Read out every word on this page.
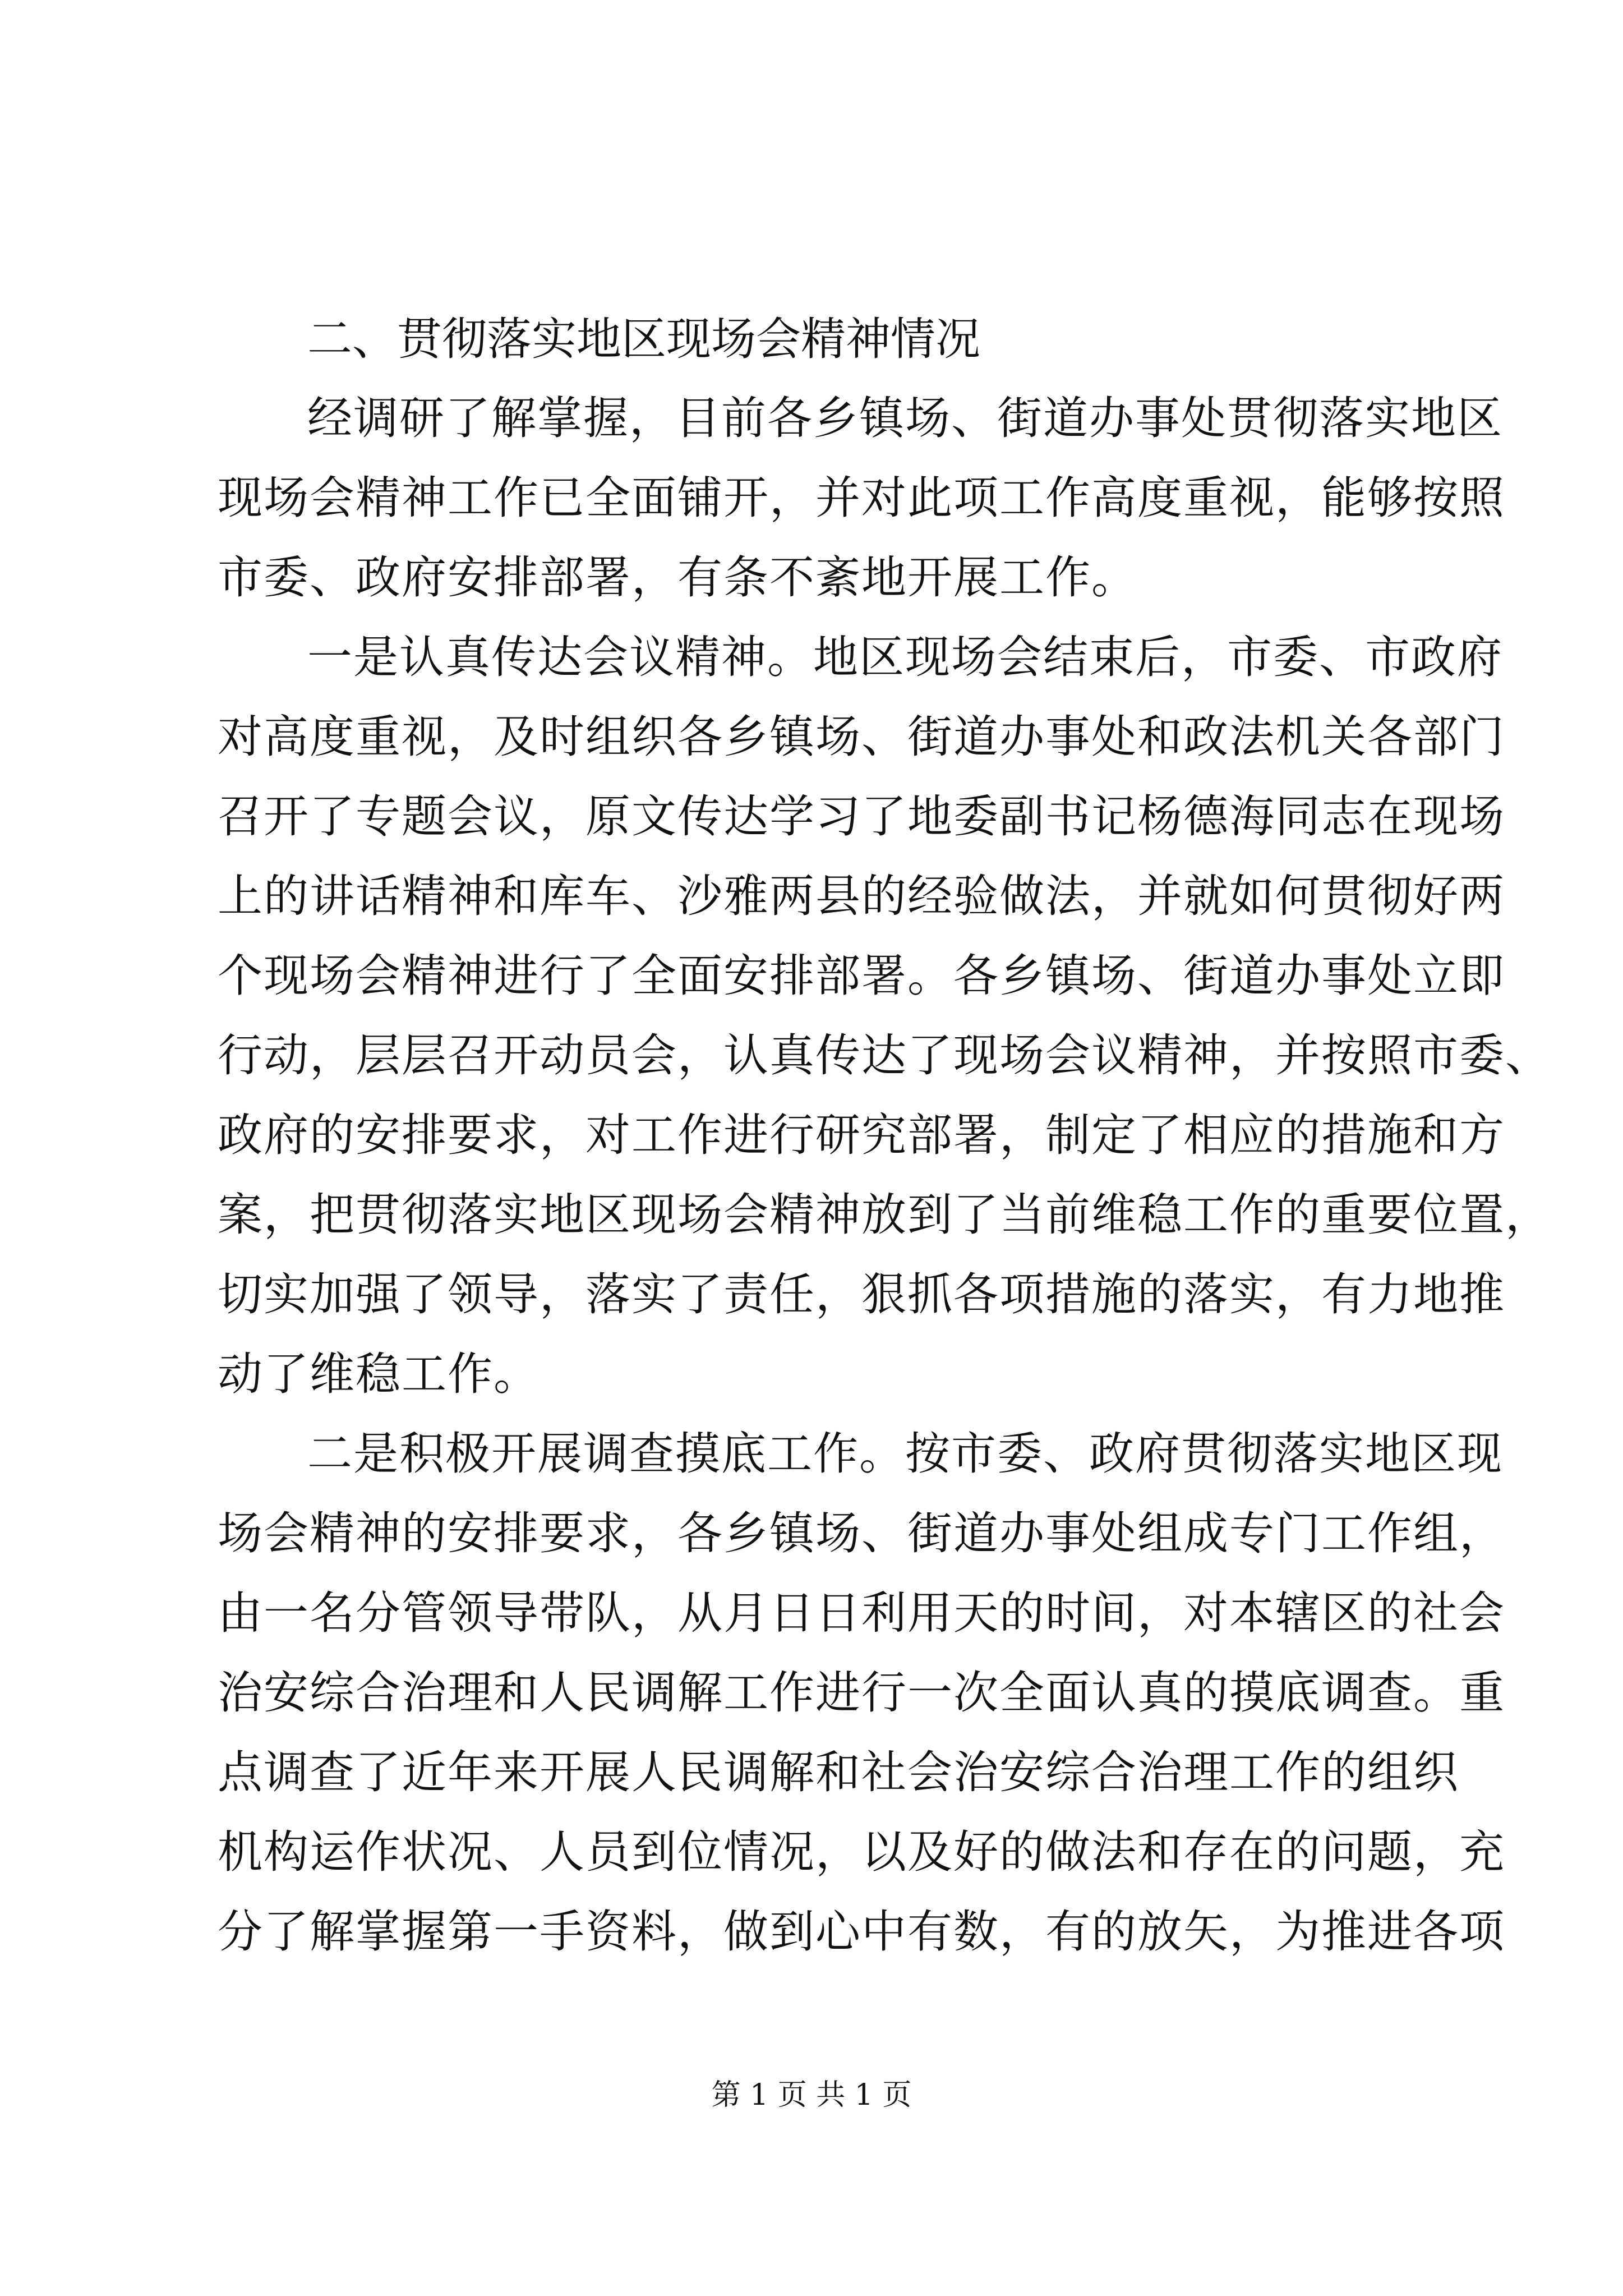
二、贯彻落实地区现场会精神情况
经调研了解掌握，目前各乡镇场、街道办事处贯彻落实地区
现场会精神工作已全面铺开，并对此项工作高度重视，能够按照
市委、政府安排部署，有条不紊地开展工作。
一是认真传达会议精神。地区现场会结束后，市委、市政府
对高度重视，及时组织各乡镇场、街道办事处和政法机关各部门
召开了专题会议，原文传达学习了地委副书记杨德海同志在现场
上的讲话精神和库车、沙雅两县的经验做法，并就如何贯彻好两
个现场会精神进行了全面安排部署。各乡镇场、街道办事处立即
行动，层层召开动员会，认真传达了现场会议精神，并按照市委、
政府的安排要求，对工作进行研究部署，制定了相应的措施和方
案，把贯彻落实地区现场会精神放到了当前维稳工作的重要位置，
切实加强了领导，落实了责任，狠抓各项措施的落实，有力地推
动了维稳工作。
二是积极开展调查摸底工作。按市委、政府贯彻落实地区现
场会精神的安排要求，各乡镇场、街道办事处组成专门工作组，
由一名分管领导带队，从月日日利用天的时间，对本辖区的社会
治安综合治理和人民调解工作进行一次全面认真的摸底调查。重
点调查了近年来开展人民调解和社会治安综合治理工作的组织
机构运作状况、人员到位情况，以及好的做法和存在的问题，充
分了解掌握第一手资料，做到心中有数，有的放矢，为推进各项
第 1 页 共 1 页
